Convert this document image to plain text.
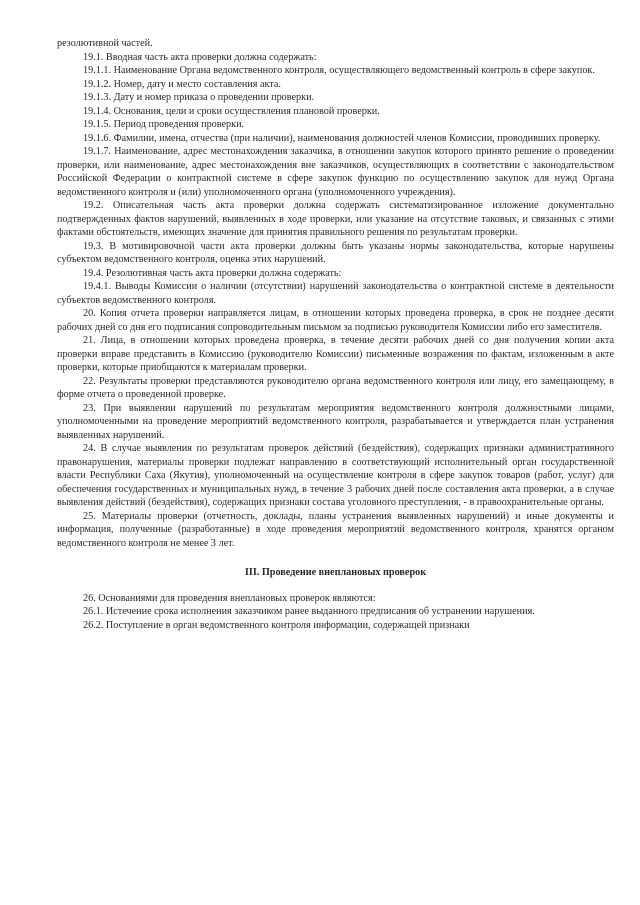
резолютивной частей.

19.1. Вводная часть акта проверки должна содержать:

19.1.1. Наименование Органа ведомственного контроля, осуществляющего ведомственный контроль в сфере закупок.

19.1.2. Номер, дату и место составления акта.

19.1.3. Дату и номер приказа о проведении проверки.

19.1.4. Основания, цели и сроки осуществления плановой проверки.

19.1.5. Период проведения проверки.

19.1.6. Фамилии, имена, отчества (при наличии), наименования должностей членов Комиссии, проводивших проверку.

19.1.7. Наименование, адрес местонахождения заказчика, в отношении закупок которого принято решение о проведении проверки, или наименование, адрес местонахождения вне заказчиков, осуществляющих в соответствии с законодательством Российской Федерации о контрактной системе в сфере закупок функцию по осуществлению закупок для нужд Органа ведомственного контроля и (или) уполномоченного органа (уполномоченного учреждения).

19.2. Описательная часть акта проверки должна содержать систематизированное изложение документально подтвержденных фактов нарушений, выявленных в ходе проверки, или указание на отсутствие таковых, и связанных с этими фактами обстоятельств, имеющих значение для принятия правильного решения по результатам проверки.

19.3. В мотивировочной части акта проверки должны быть указаны нормы законодательства, которые нарушены субъектом ведомственного контроля, оценка этих нарушений.

19.4. Резолютивная часть акта проверки должна содержать:

19.4.1. Выводы Комиссии о наличии (отсутствии) нарушений законодательства о контрактной системе в деятельности субъектов ведомственного контроля.

20. Копия отчета проверки направляется лицам, в отношении которых проведена проверка, в срок не позднее десяти рабочих дней со дня его подписания сопроводительным письмом за подписью руководителя Комиссии либо его заместителя.

21. Лица, в отношении которых проведена проверка, в течение десяти рабочих дней со дня получения копии акта проверки вправе представить в Комиссию (руководителю Комиссии) письменные возражения по фактам, изложенным в акте проверки, которые приобщаются к материалам проверки.

22. Результаты проверки представляются руководителю органа ведомственного контроля или лицу, его замещающему, в форме отчета о проведенной проверке.

23. При выявлении нарушений по результатам мероприятия ведомственного контроля должностными лицами, уполномоченными на проведение мероприятий ведомственного контроля, разрабатывается и утверждается план устранения выявленных нарушений.

24. В случае выявления по результатам проверок действий (бездействия), содержащих признаки административного правонарушения, материалы проверки подлежат направлению в соответствующий исполнительный орган государственной власти Республики Саха (Якутия), уполномоченный на осуществление контроля в сфере закупок товаров (работ, услуг) для обеспечения государственных и муниципальных нужд, в течение 3 рабочих дней после составления акта проверки, а в случае выявления действий (бездействия), содержащих признаки состава уголовного преступления, - в правоохранительные органы.

25. Материалы проверки (отчетность, доклады, планы устранения выявленных нарушений) и иные документы и информация, полученные (разработанные) в ходе проведения мероприятий ведомственного контроля, хранятся органом ведомственного контроля не менее 3 лет.

III. Проведение внеплановых проверок

26. Основаниями для проведения внеплановых проверок являются:

26.1. Истечение срока исполнения заказчиком ранее выданного предписания об устранении нарушения.

26.2. Поступление в орган ведомственного контроля информации, содержащей признаки
